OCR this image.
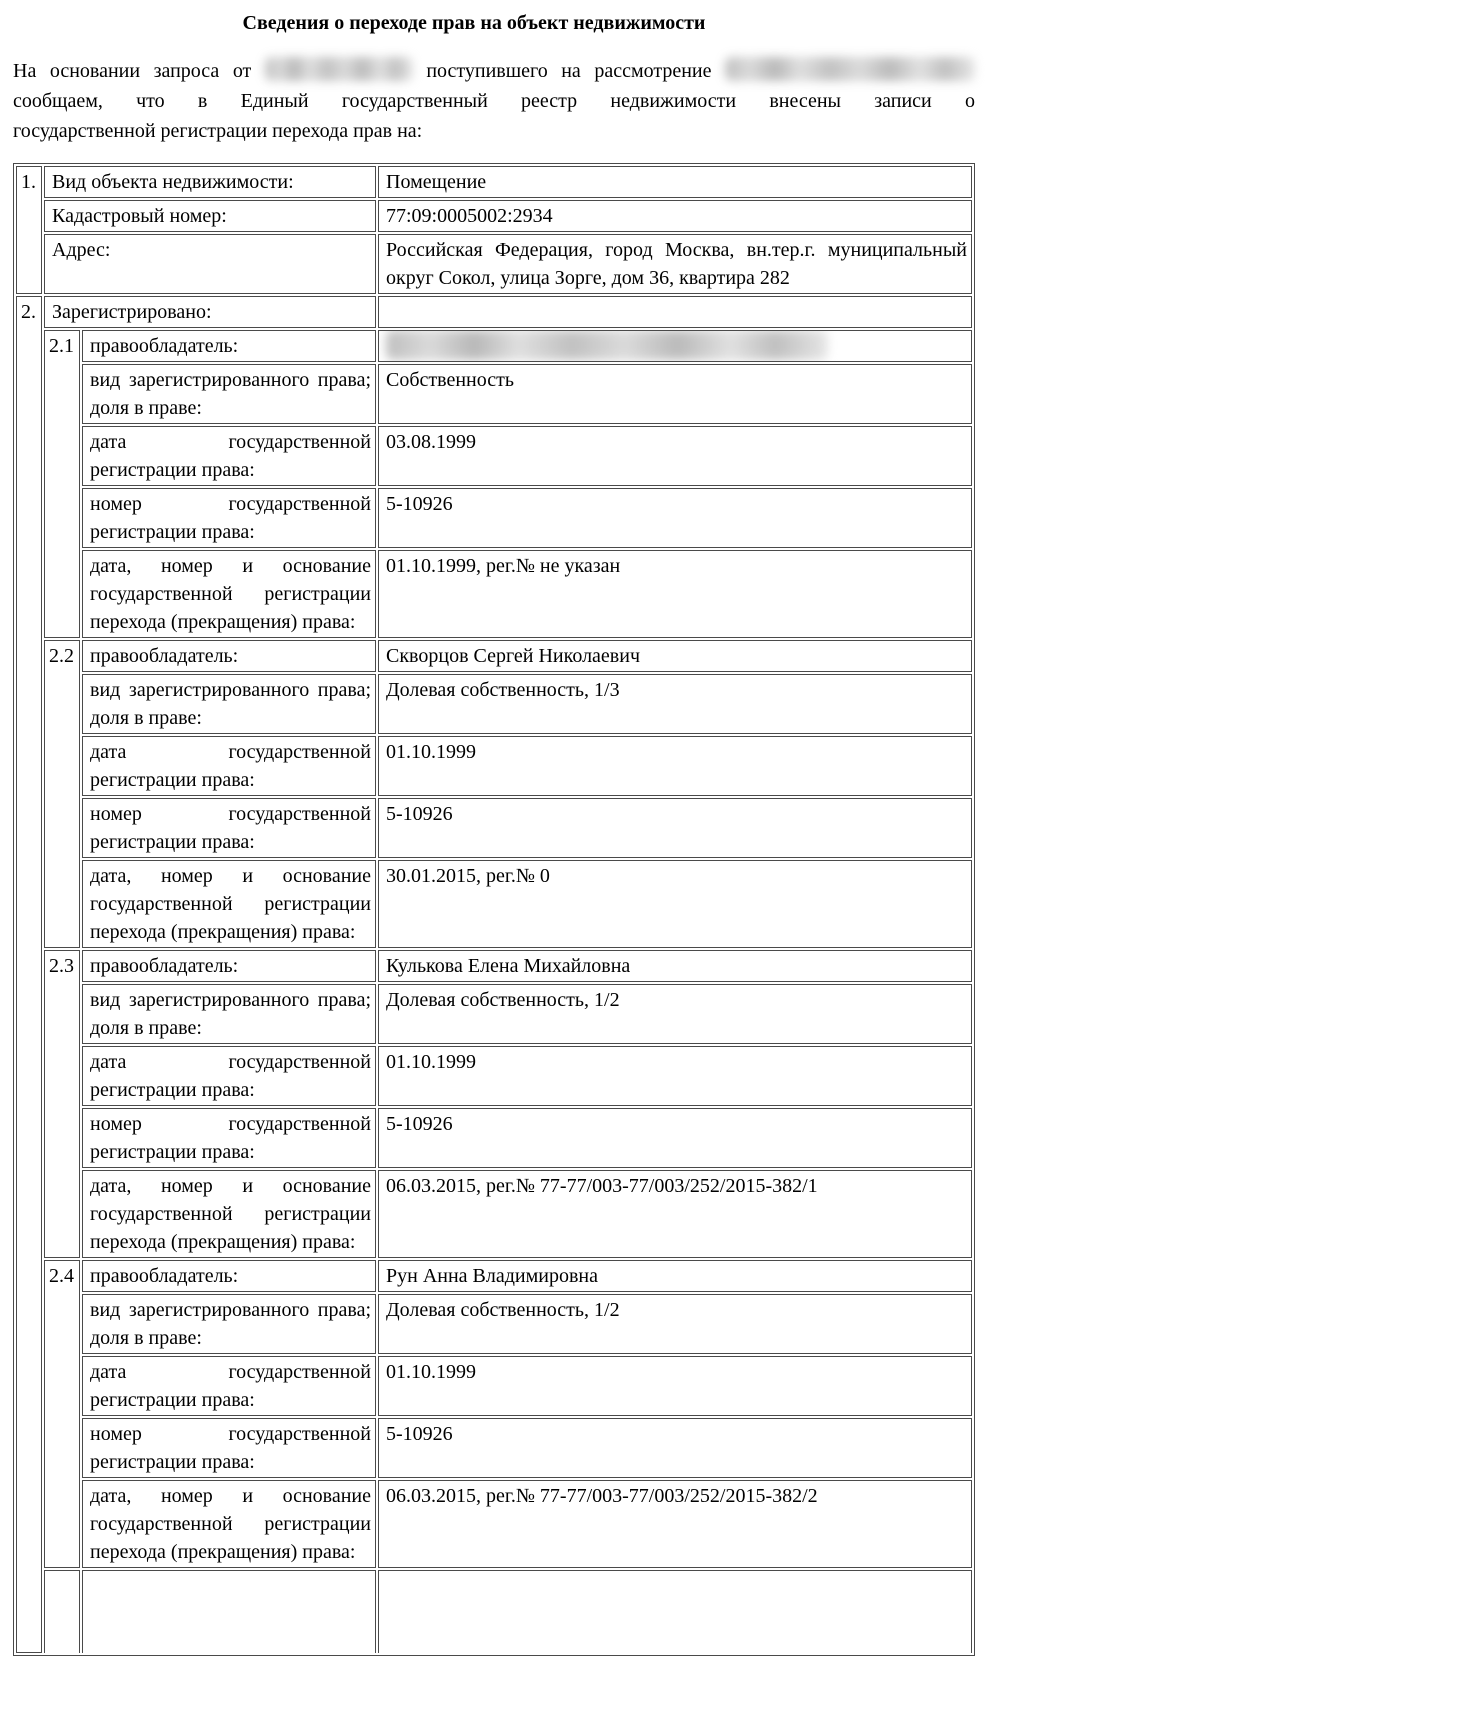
Сведения о переходе прав на объект недвижимости
На основании запроса от	поступившего на рассмотрение
сообщаем, что в Единый государственный реестр недвижимости внесены записи о
государственной регистрации перехода прав на:
1.	Вид объекта недвижимости:		Помещение
	Кадастровый номер:		77:09:0005002:2934
	Адрес:		Российская Федерация, город Москва, вн.тер.г. муниципальный округ Сокол, улица Зорге, дом 36, квартира 282
2.	Зарегистрировано:		
	2.1	правообладатель:	
		вид зарегистрированного права; доля в праве:	Собственность
		дата государственной регистрации права:	03.08.1999
		номер государственной регистрации права:	5-10926
		дата, номер и основание государственной регистрации перехода (прекращения) права:	01.10.1999, рег.№ не указан
	2.2	правообладатель:	Скворцов Сергей Николаевич
		вид зарегистрированного права; доля в праве:	Долевая собственность, 1/3
		дата государственной регистрации права:	01.10.1999
		номер государственной регистрации права:	5-10926
		дата, номер и основание государственной регистрации перехода (прекращения) права:	30.01.2015, рег.№ 0
	2.3	правообладатель:	Кулькова Елена Михайловна
		вид зарегистрированного права; доля в праве:	Долевая собственность, 1/2
		дата государственной регистрации права:	01.10.1999
		номер государственной регистрации права:	5-10926
		дата, номер и основание государственной регистрации перехода (прекращения) права:	06.03.2015, рег.№ 77-77/003-77/003/252/2015-382/1
	2.4	правообладатель:	Рун Анна Владимировна
		вид зарегистрированного права; доля в праве:	Долевая собственность, 1/2
		дата государственной регистрации права:	01.10.1999
		номер государственной регистрации права:	5-10926
		дата, номер и основание государственной регистрации перехода (прекращения) права:	06.03.2015, рег.№ 77-77/003-77/003/252/2015-382/2
